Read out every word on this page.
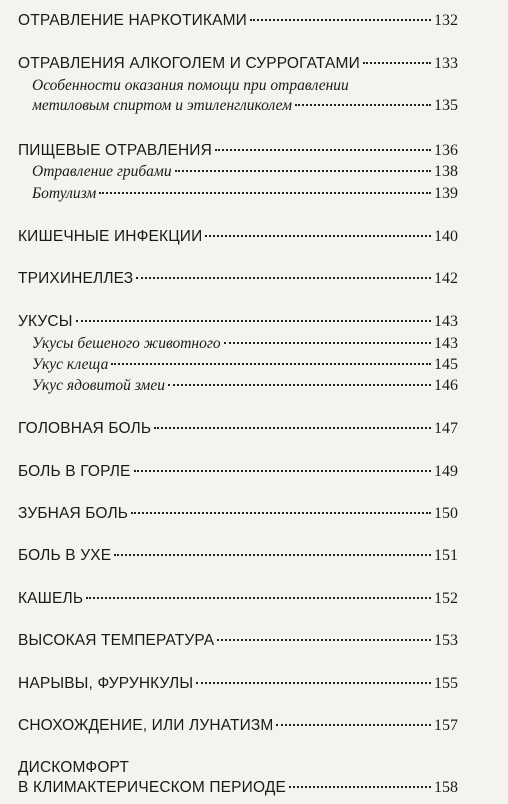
ОТРАВЛЕНИЕ НАРКОТИКАМИ	132
ОТРАВЛЕНИЯ АЛКОГОЛЕМ И СУРРОГАТАМИ	133
Особенности оказания помощи при отравлении
метиловым спиртом и этиленгликолем	135
ПИЩЕВЫЕ ОТРАВЛЕНИЯ	136
Отравление грибами	138
Ботулизм	139
КИШЕЧНЫЕ ИНФЕКЦИИ	140
ТРИХИНЕЛЛЕЗ	142
УКУСЫ	143
Укусы бешеного животного	143
Укус клеща	145
Укус ядовитой змеи	146
ГОЛОВНАЯ БОЛЬ	147
БОЛЬ В ГОРЛЕ	149
ЗУБНАЯ БОЛЬ	150
БОЛЬ В УХЕ	151
КАШЕЛЬ	152
ВЫСОКАЯ ТЕМПЕРАТУРА	153
НАРЫВЫ, ФУРУНКУЛЫ	155
СНОХОЖДЕНИЕ, ИЛИ ЛУНАТИЗМ	157
ДИСКОМФОРТ
В КЛИМАКТЕРИЧЕСКОМ ПЕРИОДЕ	158
